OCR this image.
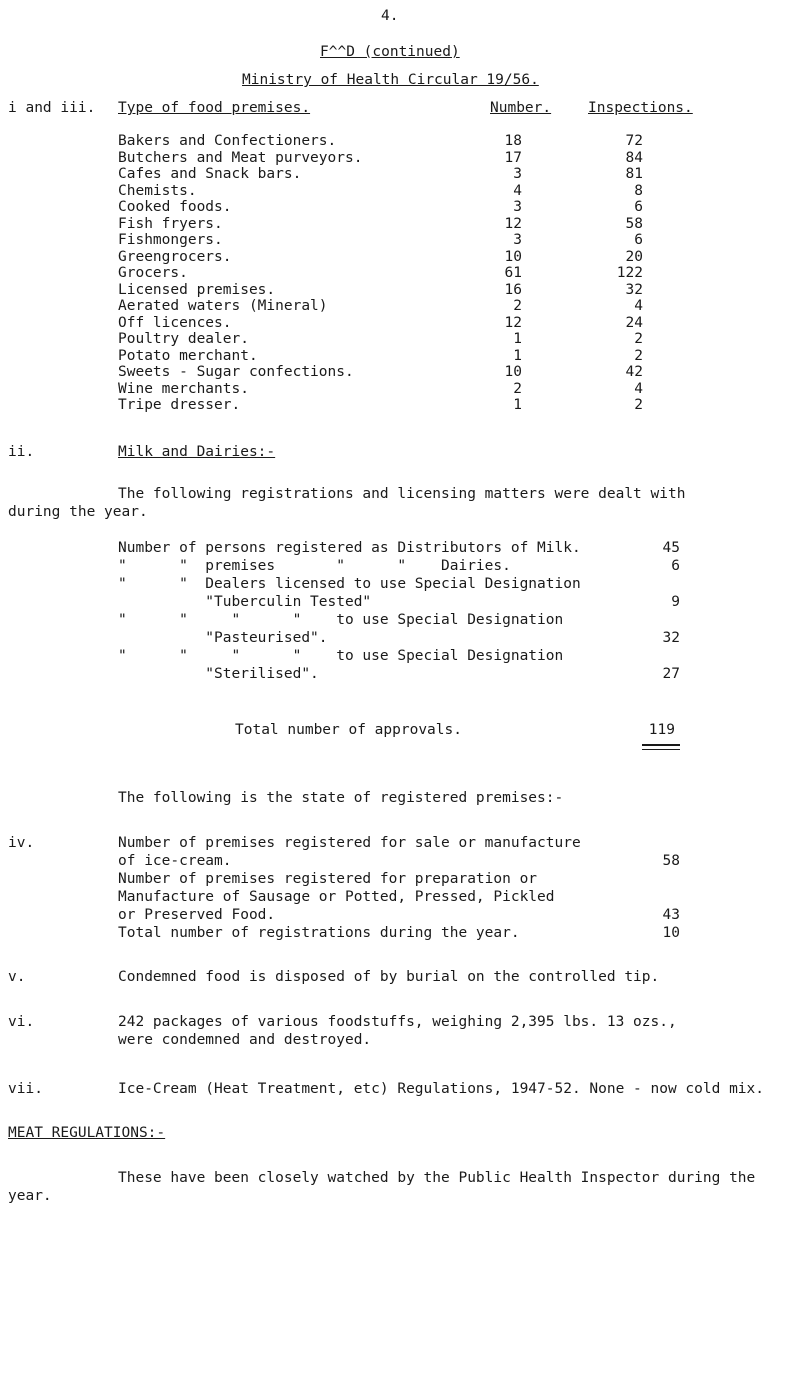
4.
F^^D (continued)
Ministry of Health Circular 19/56.
i and iii. Type of food premises.	Number.	Inspections.
Bakers and Confectioners.	18	72
Butchers and Meat purveyors.	17	84
Cafes and Snack bars.	3	81
Chemists.	4	8
Cooked foods.	3	6
Fish fryers.	12	58
Fishmongers.	3	6
Greengrocers.	10	20
Grocers.	61	122
Licensed premises.	16	32
Aerated waters (Mineral)	2	4
Off licences.	12	24
Poultry dealer.	1	2
Potato merchant.	1	2
Sweets - Sugar confections.	10	42
Wine merchants.	2	4
Tripe dresser.	1	2
ii.	Milk and Dairies:-
The following registrations and licensing matters were dealt with
during the year.
Number of persons registered as Distributors of Milk.	45
"      "  premises       "      "    Dairies.	6
"      "  Dealers licensed to use Special Designation
"Tuberculin Tested"	9
"      "     "      "    to use Special Designation
"Pasteurised".	32
"      "     "      "    to use Special Designation
"Sterilised".	27
Total number of approvals.	119
The following is the state of registered premises:-
iv.	Number of premises registered for sale or manufacture
of ice-cream.	58
Number of premises registered for preparation or
Manufacture of Sausage or Potted, Pressed, Pickled
or Preserved Food.	43
Total number of registrations during the year.	10
v.	Condemned food is disposed of by burial on the controlled tip.
vi.	242 packages of various foodstuffs, weighing 2,395 lbs. 13 ozs.,
were condemned and destroyed.
vii.	Ice-Cream (Heat Treatment, etc) Regulations, 1947-52. None - now cold mix.
MEAT REGULATIONS:-
These have been closely watched by the Public Health Inspector during the
year.
